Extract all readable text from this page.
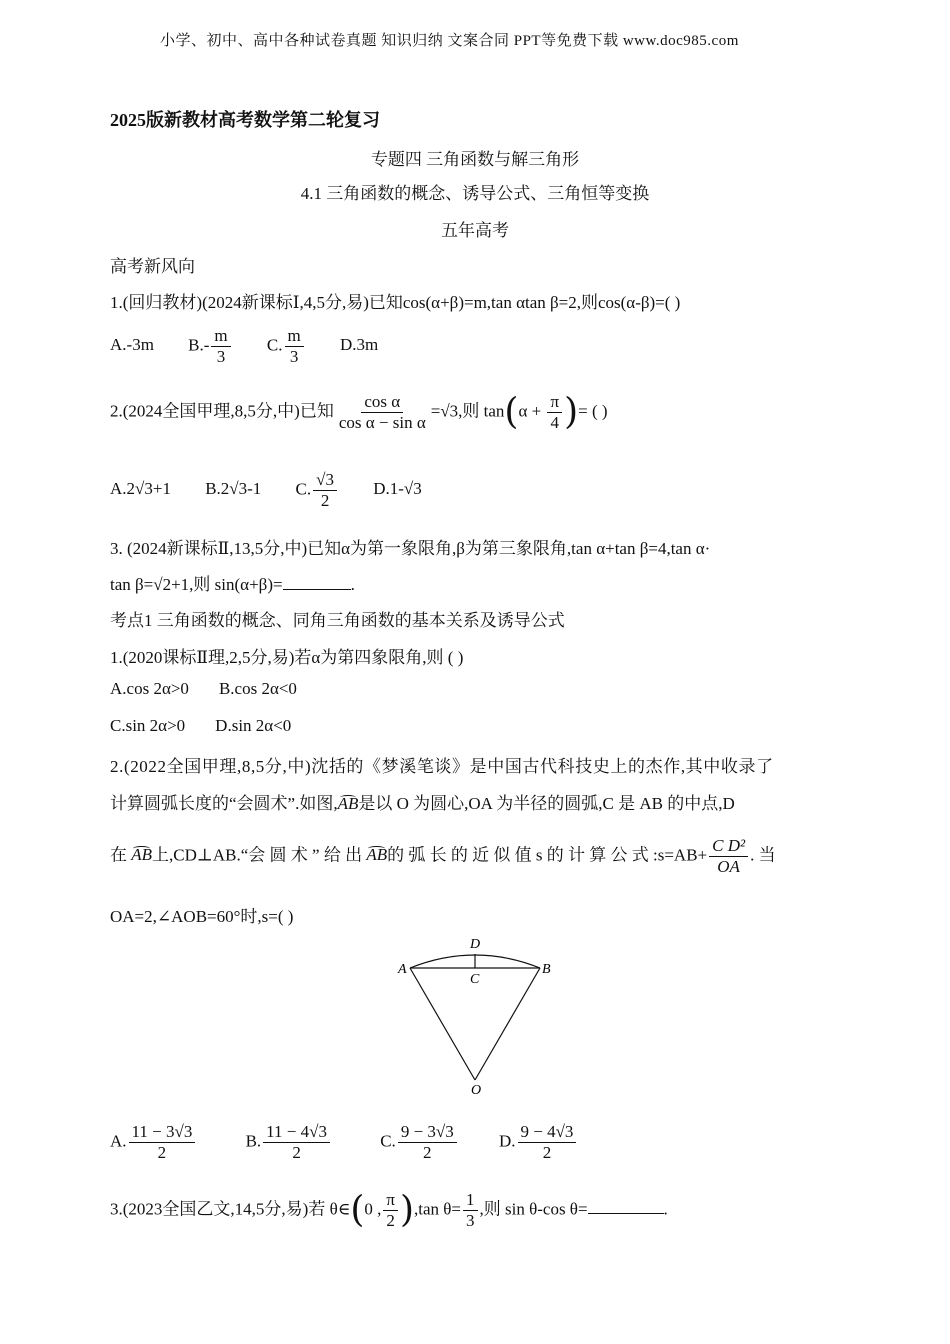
小学、初中、高中各种试卷真题 知识归纳 文案合同 PPT等免费下载 www.doc985.com
2025版新教材高考数学第二轮复习
专题四 三角函数与解三角形
4.1 三角函数的概念、诱导公式、三角恒等变换
五年高考
高考新风向
1.(回归教材)(2024新课标Ⅰ,4,5分,易)已知cos(α+β)=m,tan αtan β=2,则cos(α-β)=( )
A.-3m $B.- \frac{m}{3} C$. $\frac{m}{3} D.3m$
2.(2024全国甲理,8,5分,中)已知 $\frac{\text{cos α}}{\text{cos α − sin α}} =√3$,则 $\tan(\alpha + \frac{\pi}{4}$ )= ( )
A.2√3+1 B.2√3-1 C. $\frac{√3}{2} D.1-√3$
3. (2024新课标Ⅱ,13,5分,中)已知α为第一象限角,β为第三象限角,tan α+tan β=4,tan α·
tan β=√2+1,则 sin(α+β)=	.
考点1 三角函数的概念、同角三角函数的基本关系及诱导公式
1.(2020课标Ⅱ理,2,5分,易)若α为第四象限角,则 ( )
A.cos 2α>0 B.cos 2α<0
C.sin 2α>0 D.sin 2α<0
2.(2022全国甲理,8,5分,中)沈括的《梦溪笔谈》是中国古代科技史上的杰作,其中收录了
计算圆弧长度的“会圆术”.如图,AB是以 O 为圆心,OA 为半径的圆弧,C 是 AB 的中点,D
在 AB上,CD⊥AB.“会 圆 术 ” 给 出 AB的 弧 长 的 近 似 值 s 的 计 算 公 式 :s=AB+ $\frac{\text{C D²}}{OA}$ . 当
OA=2,∠AOB=60°时,s=( )
D
A
C
B
O
A. $\frac{11 - 3√3}{2}$	B. $\frac{11 - 4√3}{2}$	C. $\frac{9 - 3√3}{2} D$. $\frac{9 - 4√3}{2}$
3.(2023全国乙文,14,5分,易)若 θ∈(0 , $\frac{\pi}{2} ),\tan$ $\theta= \frac{1}{3}$ ,则 sin θ-cos θ=	.
